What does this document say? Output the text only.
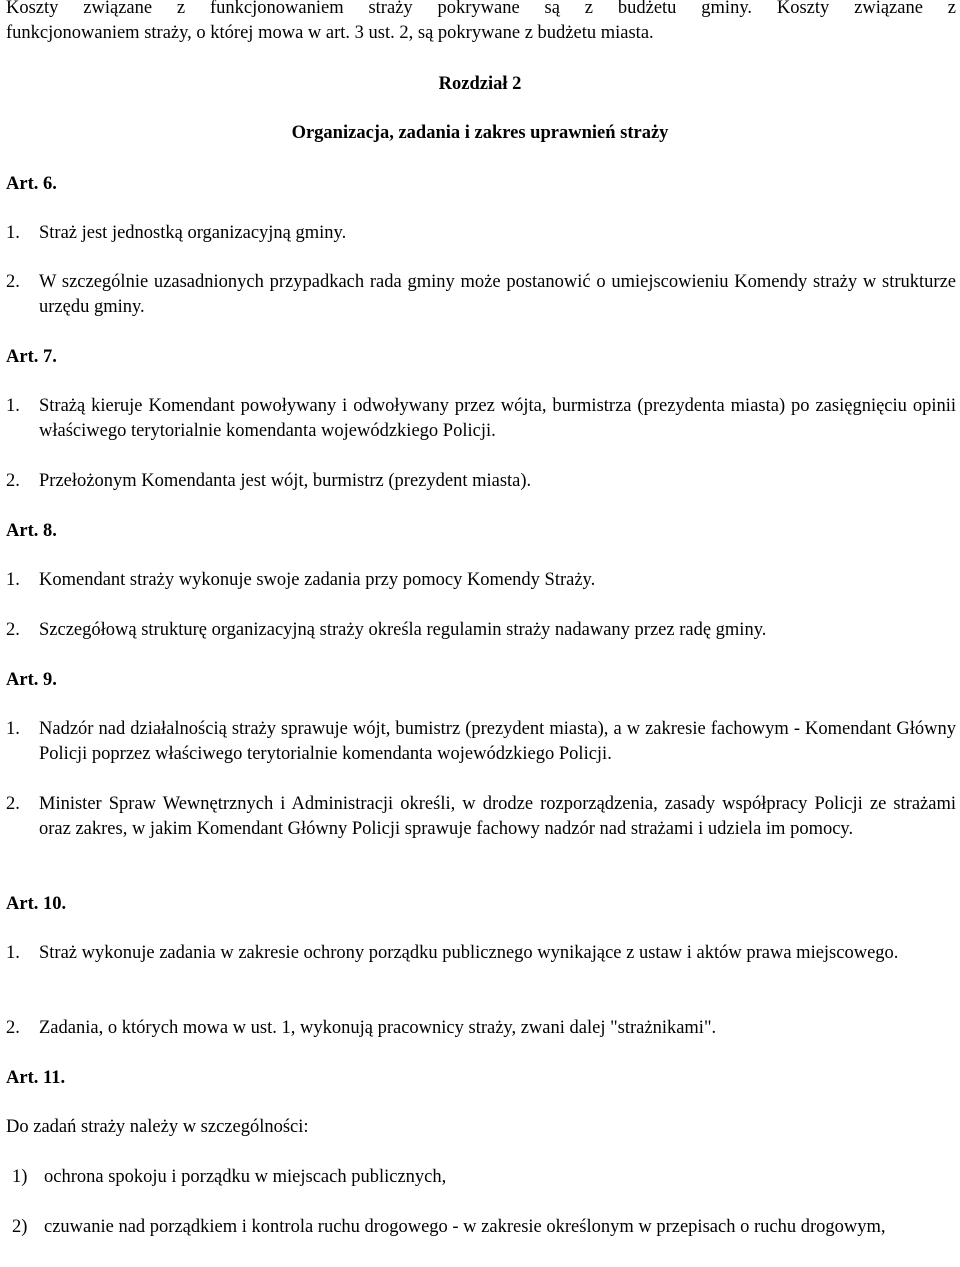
Koszty związane z funkcjonowaniem straży pokrywane są z budżetu gminy. Koszty związane z
funkcjonowaniem straży, o której mowa w art. 3 ust. 2, są pokrywane z budżetu miasta.
Rozdział 2
Organizacja, zadania i zakres uprawnień straży
Art. 6.
1. Straż jest jednostką organizacyjną gminy.
2. W szczególnie uzasadnionych przypadkach rada gminy może postanowić o umiejscowieniu Komendy straży w strukturze urzędu gminy.
Art. 7.
1. Strażą kieruje Komendant powoływany i odwoływany przez wójta, burmistrza (prezydenta miasta) po zasięgnięciu opinii właściwego terytorialnie komendanta wojewódzkiego Policji.
2. Przełożonym Komendanta jest wójt, burmistrz (prezydent miasta).
Art. 8.
1. Komendant straży wykonuje swoje zadania przy pomocy Komendy Straży.
2. Szczegółową strukturę organizacyjną straży określa regulamin straży nadawany przez radę gminy.
Art. 9.
1. Nadzór nad działalnością straży sprawuje wójt, bumistrz (prezydent miasta), a w zakresie fachowym - Komendant Główny Policji poprzez właściwego terytorialnie komendanta wojewódzkiego Policji.
2. Minister Spraw Wewnętrznych i Administracji określi, w drodze rozporządzenia, zasady współpracy Policji ze strażami oraz zakres, w jakim Komendant Główny Policji sprawuje fachowy nadzór nad strażami i udziela im pomocy.
Art. 10.
1. Straż wykonuje zadania w zakresie ochrony porządku publicznego wynikające z ustaw i aktów prawa miejscowego.
2. Zadania, o których mowa w ust. 1, wykonują pracownicy straży, zwani dalej "strażnikami".
Art. 11.
Do zadań straży należy w szczególności:
1) ochrona spokoju i porządku w miejscach publicznych,
2) czuwanie nad porządkiem i kontrola ruchu drogowego - w zakresie określonym w przepisach o ruchu drogowym,
